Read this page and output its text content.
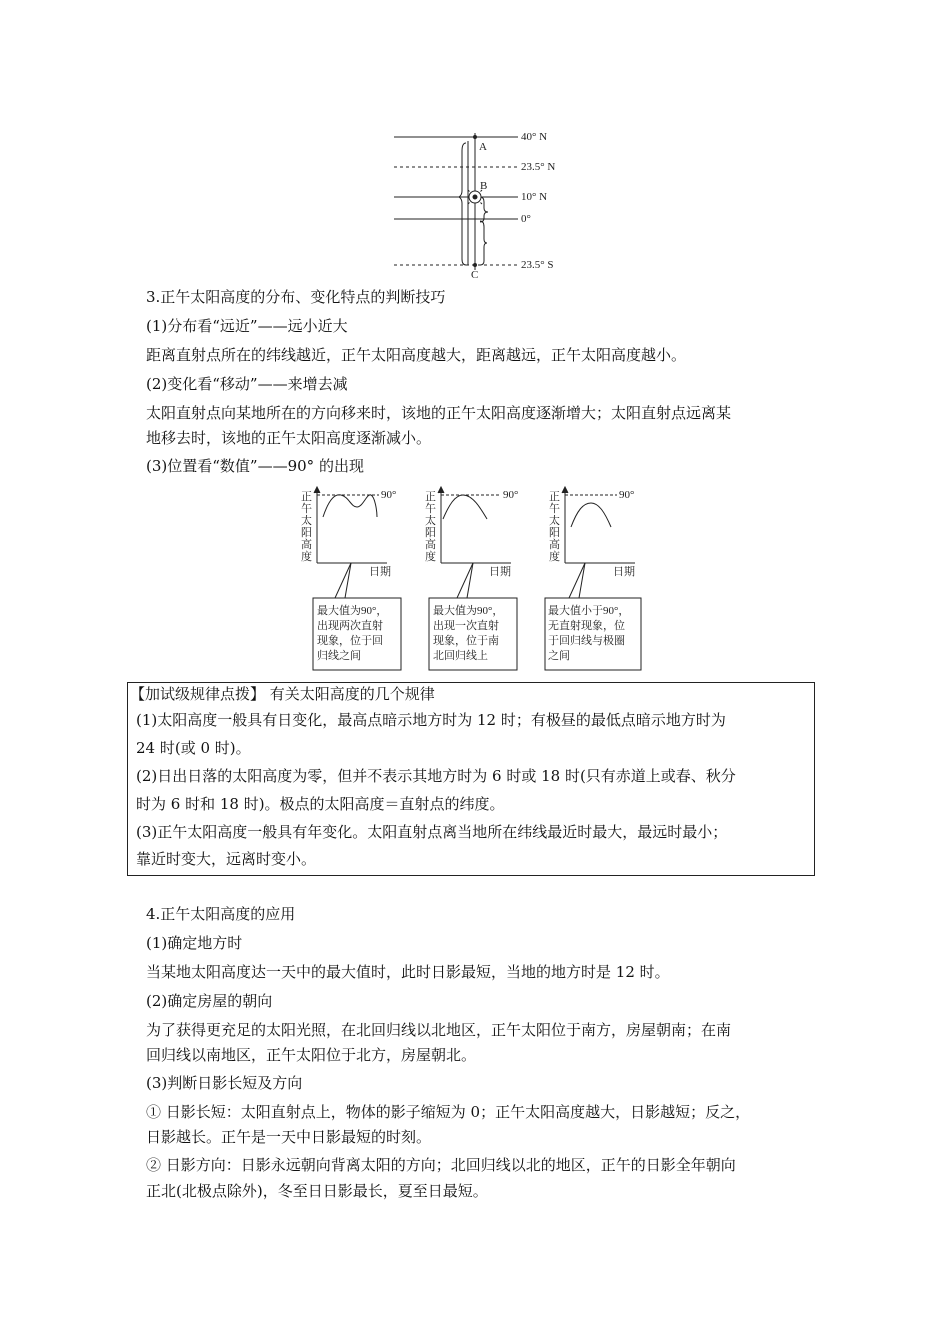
A
B
C
40° N
23.5° N
10° N
0°
23.5° S
3.正午太阳高度的分布、变化特点的判断技巧
(1)分布看“远近”——远小近大
距离直射点所在的纬线越近，正午太阳高度越大，距离越远，正午太阳高度越小。
(2)变化看“移动”——来增去减
太阳直射点向某地所在的方向移来时，该地的正午太阳高度逐渐增大；太阳直射点远离某
地移去时，该地的正午太阳高度逐渐减小。
(3)位置看“数值”——90° 的出现
正
午
太
阳
高
度
90°
日期
最大值为90°，
出现两次直射
现象，位于回
归线之间
正
午
太
阳
高
度
90°
日期
最大值为90°，
出现一次直射
现象，位于南
北回归线上
正
午
太
阳
高
度
90°
日期
最大值小于90°，
无直射现象，位
于回归线与极圈
之间
【加试级规律点拨】 有关太阳高度的几个规律
(1)太阳高度一般具有日变化，最高点暗示地方时为 12 时；有极昼的最低点暗示地方时为
24 时(或 0 时)。
(2)日出日落的太阳高度为零，但并不表示其地方时为 6 时或 18 时(只有赤道上或春、秋分
时为 6 时和 18 时)。极点的太阳高度＝直射点的纬度。
(3)正午太阳高度一般具有年变化。太阳直射点离当地所在纬线最近时最大，最远时最小；
靠近时变大，远离时变小。
4.正午太阳高度的应用
(1)确定地方时
当某地太阳高度达一天中的最大值时，此时日影最短，当地的地方时是 12 时。
(2)确定房屋的朝向
为了获得更充足的太阳光照，在北回归线以北地区，正午太阳位于南方，房屋朝南；在南
回归线以南地区，正午太阳位于北方，房屋朝北。
(3)判断日影长短及方向
① 日影长短：太阳直射点上，物体的影子缩短为 0；正午太阳高度越大，日影越短；反之，
日影越长。正午是一天中日影最短的时刻。
② 日影方向：日影永远朝向背离太阳的方向；北回归线以北的地区，正午的日影全年朝向
正北(北极点除外)，冬至日日影最长，夏至日最短。
